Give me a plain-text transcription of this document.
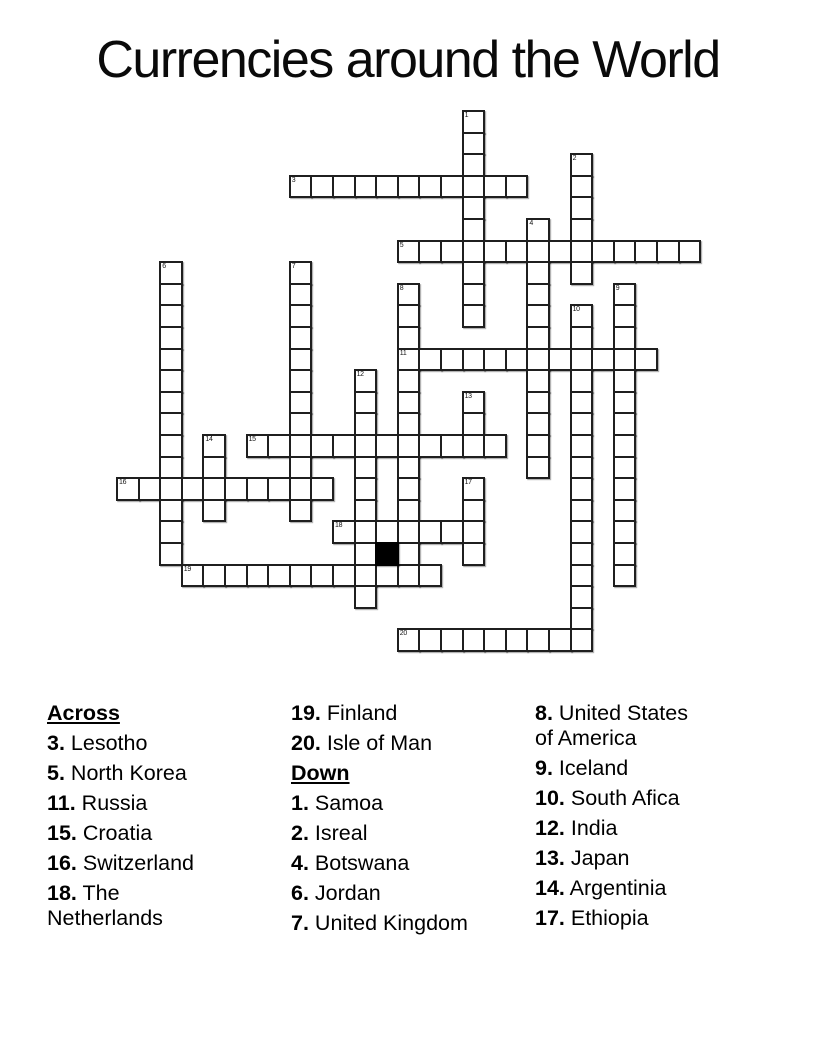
Currencies around the World
1
2
3
4
5
6	7
8	9
10
11
12
13
14	15
16	17
18
19
20
Across
3. Lesotho
5. North Korea
11. Russia
15. Croatia
16. Switzerland
18. The
Netherlands
19. Finland
20. Isle of Man
Down
1. Samoa
2. Isreal
4. Botswana
6. Jordan
7. United Kingdom
8. United States
of America
9. Iceland
10. South Afica
12. India
13. Japan
14. Argentinia
17. Ethiopia
